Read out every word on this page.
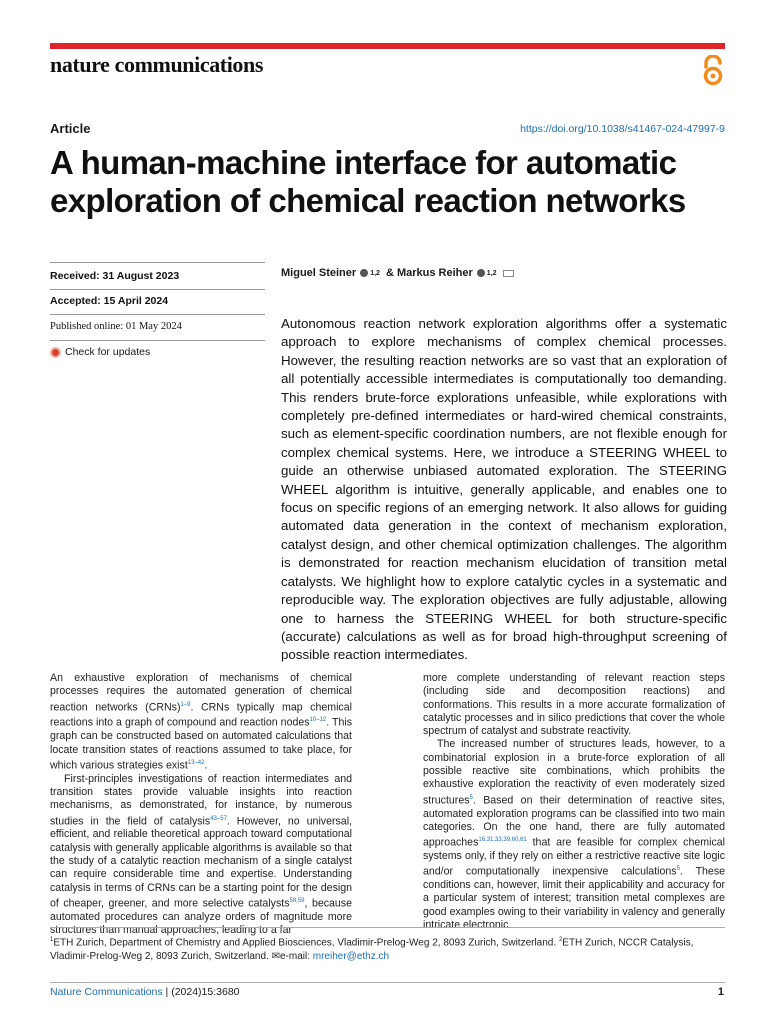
nature communications
Article	https://doi.org/10.1038/s41467-024-47997-9
A human-machine interface for automatic exploration of chemical reaction networks
Received: 31 August 2023
Accepted: 15 April 2024
Published online: 01 May 2024
Check for updates
Miguel Steiner 1,2 & Markus Reiher 1,2

Autonomous reaction network exploration algorithms offer a systematic approach to explore mechanisms of complex chemical processes. However, the resulting reaction networks are so vast that an exploration of all potentially accessible intermediates is computationally too demanding. This renders brute-force explorations unfeasible, while explorations with completely pre-defined intermediates or hard-wired chemical constraints, such as element-specific coordination numbers, are not flexible enough for complex chemical systems. Here, we introduce a STEERING WHEEL to guide an otherwise unbiased automated exploration. The STEERING WHEEL algorithm is intuitive, generally applicable, and enables one to focus on specific regions of an emerging network. It also allows for guiding automated data generation in the context of mechanism exploration, catalyst design, and other chemical optimization challenges. The algorithm is demonstrated for reaction mechanism elucidation of transition metal catalysts. We highlight how to explore catalytic cycles in a systematic and reproducible way. The exploration objectives are fully adjustable, allowing one to harness the STEERING WHEEL for both structure-specific (accurate) calculations as well as for broad high-throughput screening of possible reaction intermediates.

An exhaustive exploration of mechanisms of chemical processes requires the automated generation of chemical reaction networks (CRNs)$^{1-9}$. CRNs typically map chemical reactions into a graph of compound and reaction nodes$^{10-12}$. This graph can be constructed based on automated calculations that locate transition states of reactions assumed to take place, for which various strategies exist$^{13-42}$.

First-principles investigations of reaction intermediates and transition states provide valuable insights into reaction mechanisms, as demonstrated, for instance, by numerous studies in the field of catalysis$^{43-57}$. However, no universal, efficient, and reliable theoretical approach toward computational catalysis with generally applicable algorithms is available so that the study of a catalytic reaction mechanism of a single catalyst can require considerable time and expertise. Understanding catalysis in terms of CRNs can be a starting point for the design of cheaper, greener, and more selective catalysts$^{58,59}$, because automated procedures can analyze orders of magnitude more structures than manual approaches, leading to a far

more complete understanding of relevant reaction steps (including side and decomposition reactions) and conformations. This results in a more accurate formalization of catalytic processes and in silico predictions that cover the whole spectrum of catalyst and substrate reactivity.

The increased number of structures leads, however, to a combinatorial explosion in a brute-force exploration of all possible reactive site combinations, which prohibits the exhaustive exploration the reactivity of even moderately sized structures$^5$. Based on their determination of reactive sites, automated exploration programs can be classified into two main categories. On the one hand, there are fully automated approaches$^{16,31,33,39,60,61}$ that are feasible for complex chemical systems only, if they rely on either a restrictive reactive site logic and/or computationally inexpensive calculations$^5$. These conditions can, however, limit their applicability and accuracy for a particular system of interest; transition metal complexes are good examples owing to their variability in valency and generally intricate electronic

$^1$ETH Zurich, Department of Chemistry and Applied Biosciences, Vladimir-Prelog-Weg 2, 8093 Zurich, Switzerland. $^2$ETH Zurich, NCCR Catalysis, Vladimir-Prelog-Weg 2, 8093 Zurich, Switzerland. ✉e-mail: mreiher@ethz.ch

Nature Communications | (2024)15:3680	1
